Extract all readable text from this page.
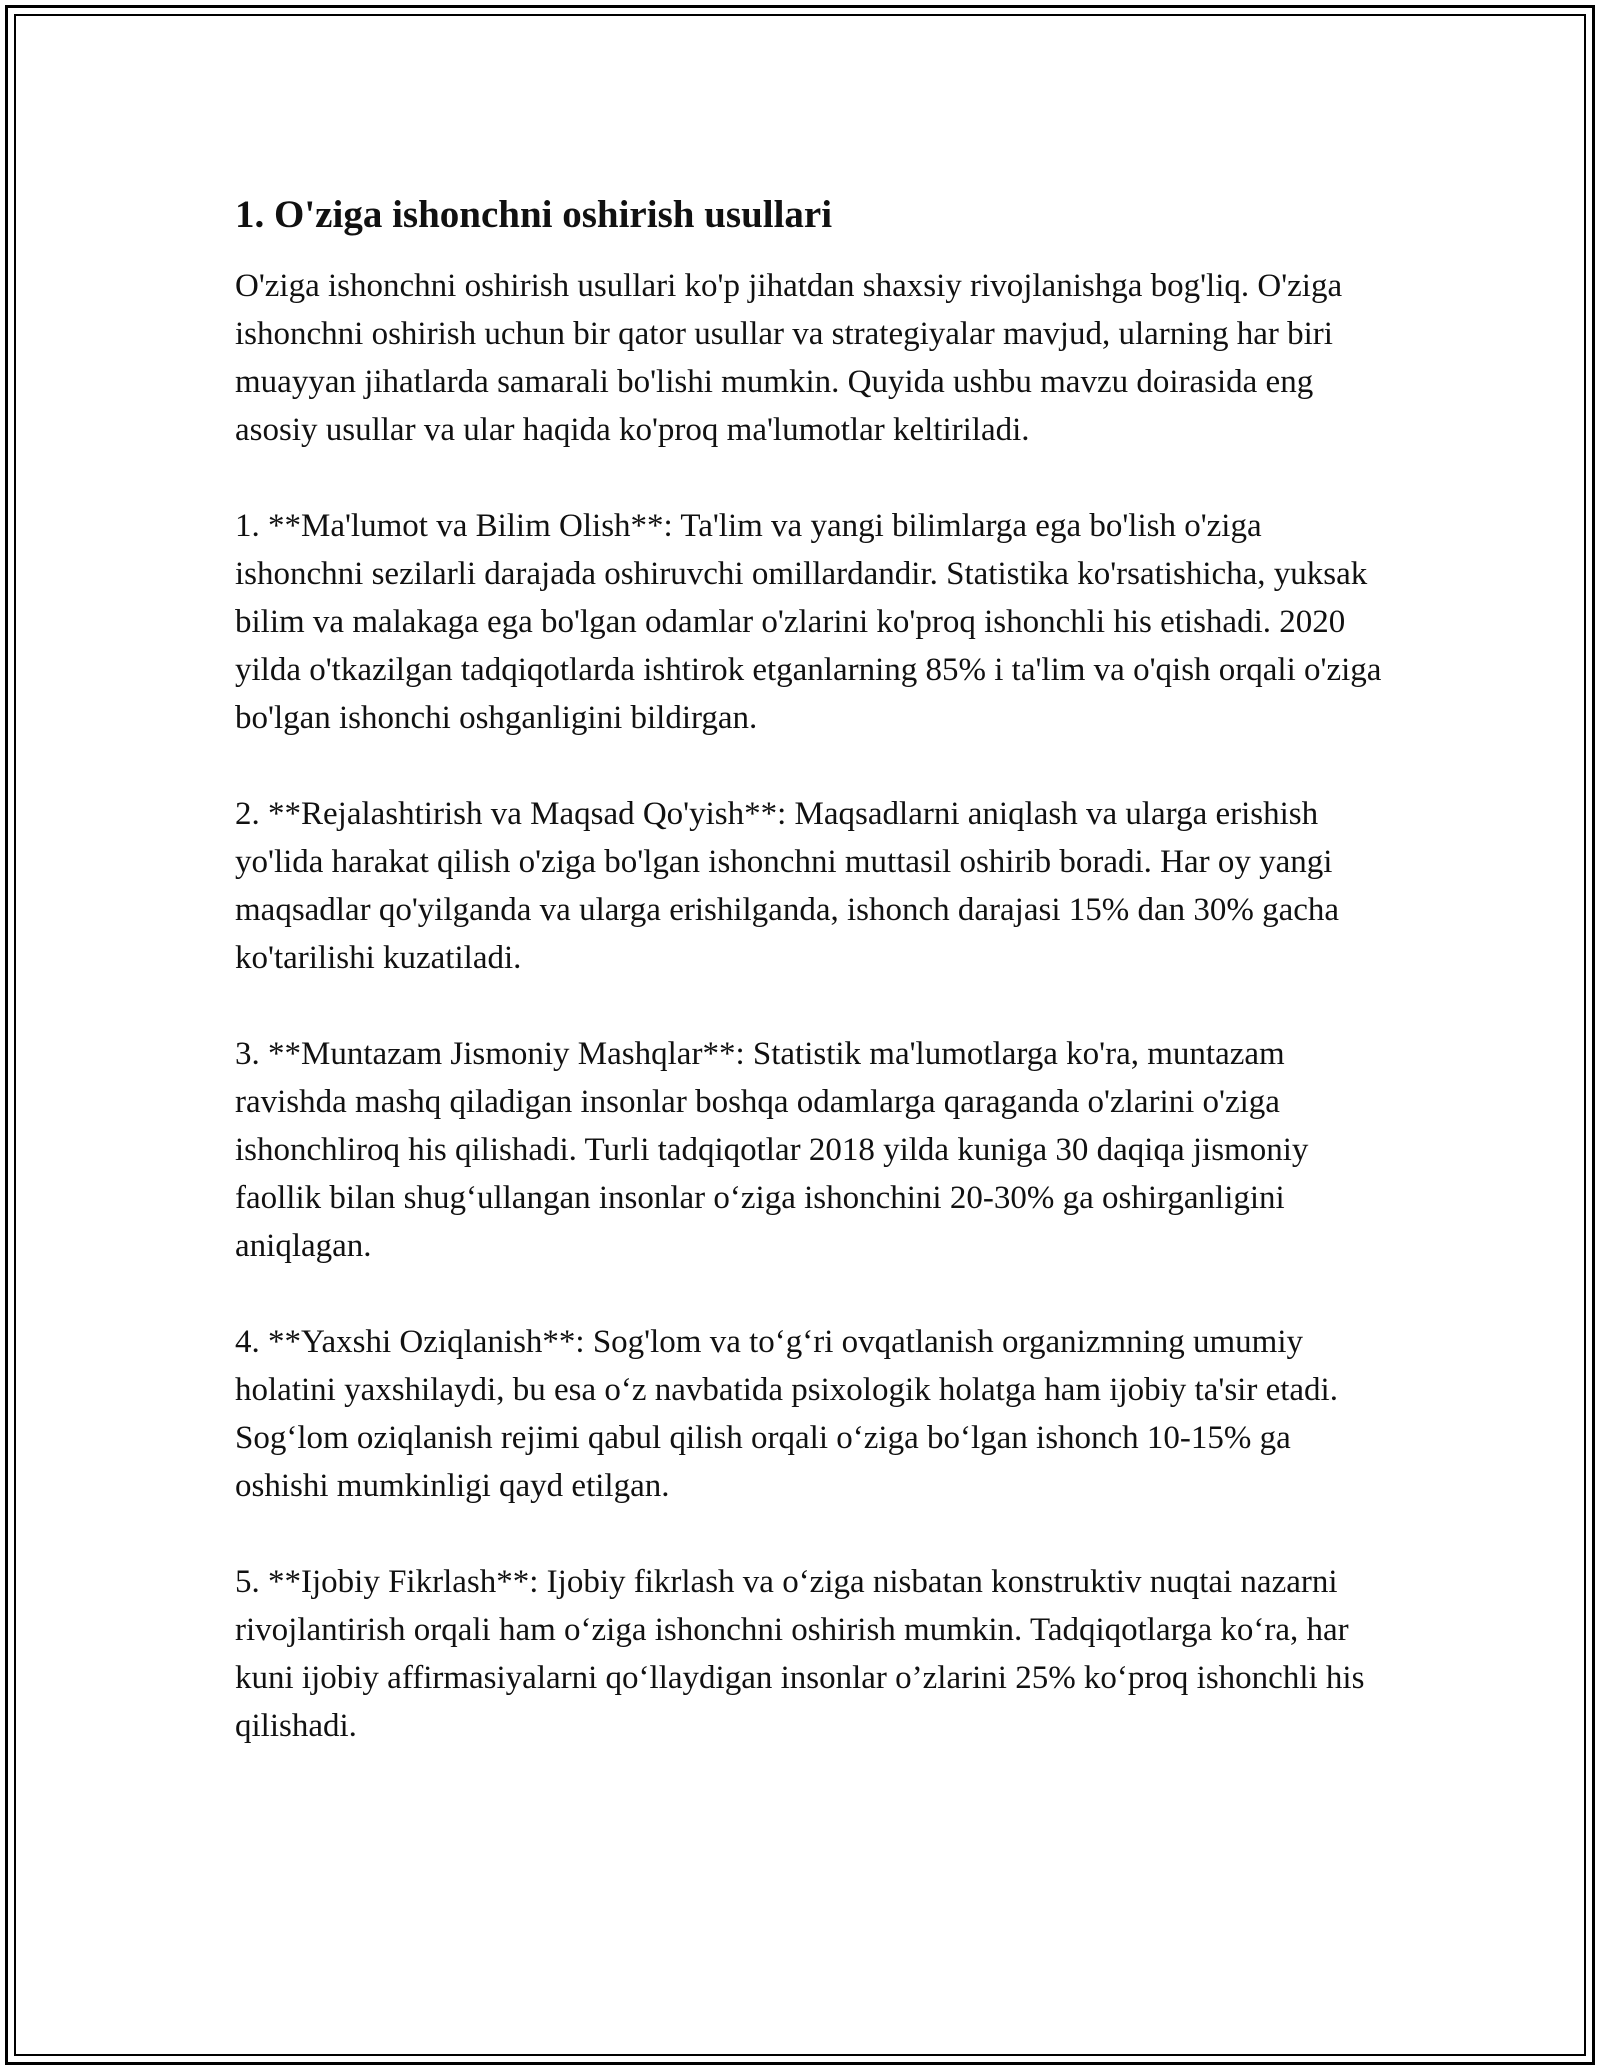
1. O'ziga ishonchni oshirish usullari

O'ziga ishonchni oshirish usullari ko'p jihatdan shaxsiy rivojlanishga bog'liq. O'ziga ishonchni oshirish uchun bir qator usullar va strategiyalar mavjud, ularning har biri muayyan jihatlarda samarali bo'lishi mumkin. Quyida ushbu mavzu doirasida eng asosiy usullar va ular haqida ko'proq ma'lumotlar keltiriladi.

1. **Ma'lumot va Bilim Olish**: Ta'lim va yangi bilimlarga ega bo'lish o'ziga ishonchni sezilarli darajada oshiruvchi omillardandir. Statistika ko'rsatishicha, yuksak bilim va malakaga ega bo'lgan odamlar o'zlarini ko'proq ishonchli his etishadi. 2020 yilda o'tkazilgan tadqiqotlarda ishtirok etganlarning 85% i ta'lim va o'qish orqali o'ziga bo'lgan ishonchi oshganligini bildirgan.

2. **Rejalashtirish va Maqsad Qo'yish**: Maqsadlarni aniqlash va ularga erishish yo'lida harakat qilish o'ziga bo'lgan ishonchni muttasil oshirib boradi. Har oy yangi maqsadlar qo'yilganda va ularga erishilganda, ishonch darajasi 15% dan 30% gacha ko'tarilishi kuzatiladi.

3. **Muntazam Jismoniy Mashqlar**: Statistik ma'lumotlarga ko'ra, muntazam ravishda mashq qiladigan insonlar boshqa odamlarga qaraganda o'zlarini o'ziga ishonchliroq his qilishadi. Turli tadqiqotlar 2018 yilda kuniga 30 daqiqa jismoniy faollik bilan shug‘ullangan insonlar o‘ziga ishonchini 20-30% ga oshirganligini aniqlagan.

4. **Yaxshi Oziqlanish**: Sog'lom va to‘g‘ri ovqatlanish organizmning umumiy holatini yaxshilaydi, bu esa o‘z navbatida psixologik holatga ham ijobiy ta'sir etadi. Sog‘lom oziqlanish rejimi qabul qilish orqali o‘ziga bo‘lgan ishonch 10-15% ga oshishi mumkinligi qayd etilgan.

5. **Ijobiy Fikrlash**: Ijobiy fikrlash va o‘ziga nisbatan konstruktiv nuqtai nazarni rivojlantirish orqali ham o‘ziga ishonchni oshirish mumkin. Tadqiqotlarga ko‘ra, har kuni ijobiy affirmasiyalarni qo‘llaydigan insonlar o’zlarini 25% ko‘proq ishonchli his qilishadi.
